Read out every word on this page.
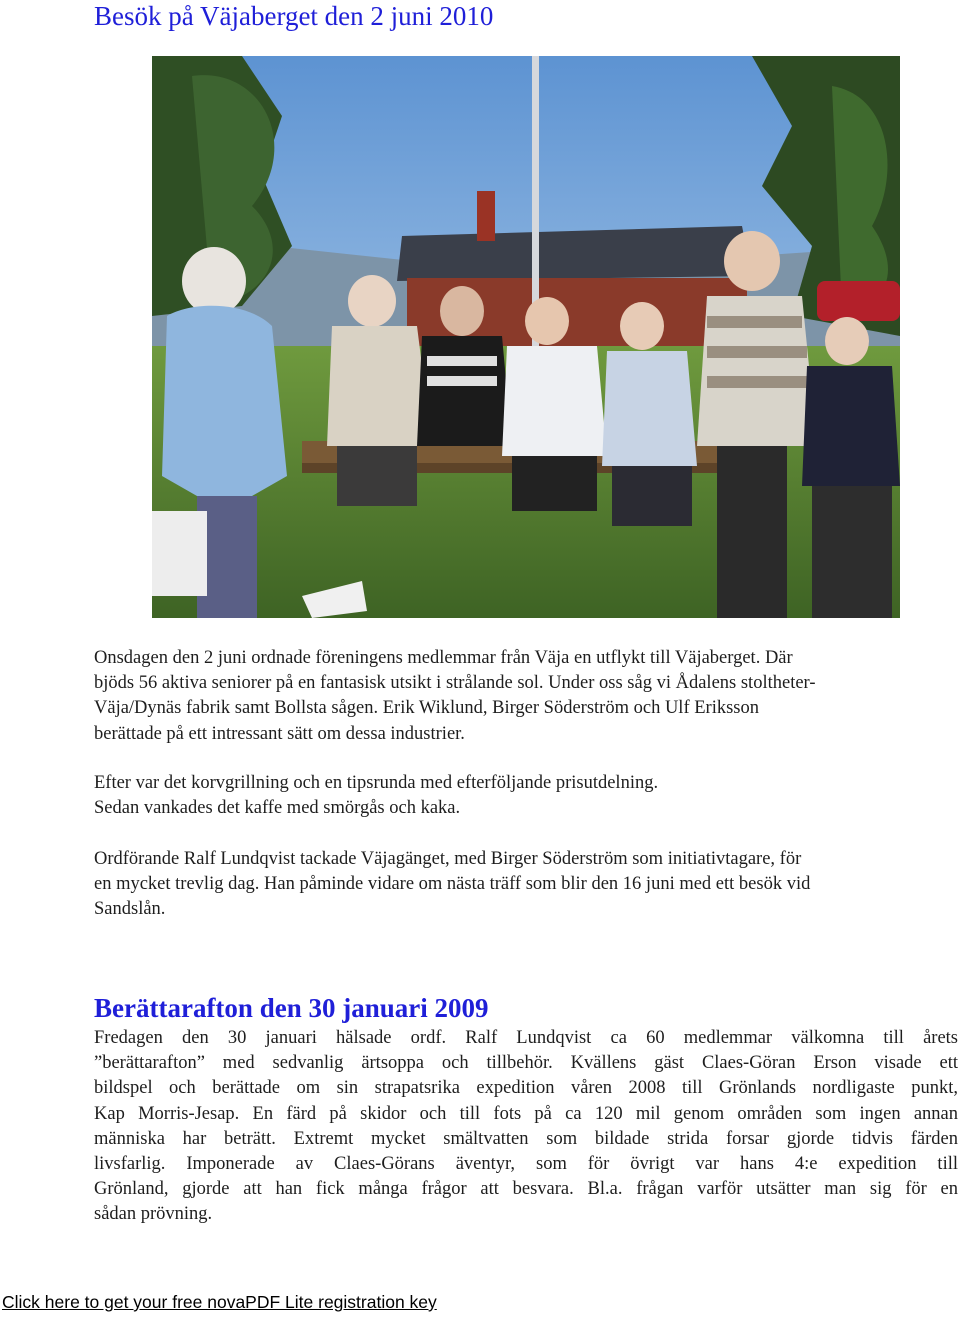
Besök på Väjaberget den 2 juni 2010

Onsdagen den 2 juni ordnade föreningens medlemmar från Väja en utflykt till Väjaberget. Där
bjöds 56 aktiva seniorer på en fantasisk utsikt i strålande sol. Under oss såg vi Ådalens stoltheter-
Väja/Dynäs fabrik samt Bollsta sågen. Erik Wiklund, Birger Söderström och Ulf Eriksson
berättade på ett intressant sätt om dessa industrier.

Efter var det korvgrillning och en tipsrunda med efterföljande prisutdelning.
Sedan vankades det kaffe med smörgås och kaka.

Ordförande Ralf Lundqvist tackade Väjagänget, med Birger Söderström som initiativtagare, för
en mycket trevlig dag. Han påminde vidare om nästa träff som blir den 16 juni med ett besök vid
Sandslån.

Berättarafton den 30 januari 2009

Fredagen den 30 januari hälsade ordf. Ralf Lundqvist ca 60 medlemmar välkomna till årets
”berättarafton” med sedvanlig ärtsoppa och tillbehör. Kvällens gäst Claes-Göran Erson visade ett
bildspel och berättade om sin strapatsrika expedition våren 2008 till Grönlands nordligaste punkt,
Kap Morris-Jesap. En färd på skidor och till fots på ca 120 mil genom områden som ingen annan
människa har beträtt. Extremt mycket smältvatten som bildade strida forsar gjorde tidvis färden
livsfarlig. Imponerade av Claes-Görans äventyr, som för övrigt var hans 4:e expedition till
Grönland, gjorde att han fick många frågor att besvara. Bl.a. frågan varför utsätter man sig för en
sådan prövning.

Click here to get your free novaPDF Lite registration key
